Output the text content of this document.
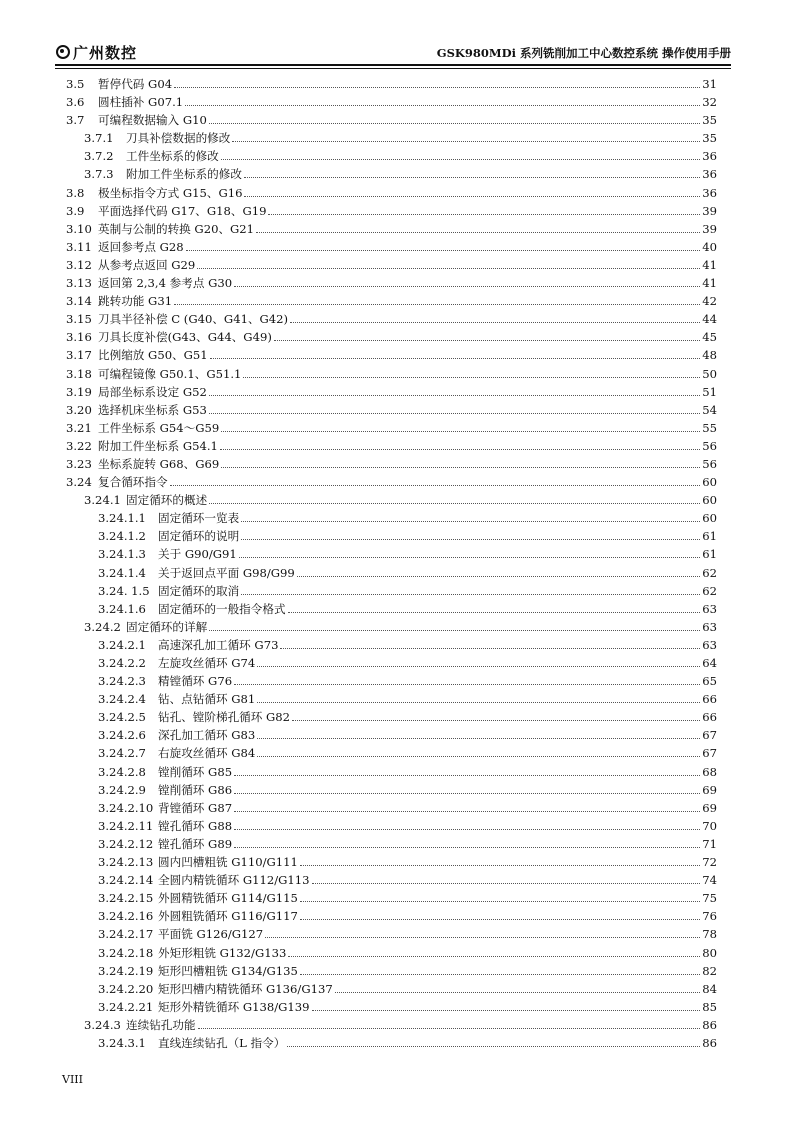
广州数控	GSK980MDi 系列铣削加工中心数控系统 操作使用手册
3.5	暂停代码 G04	31
3.6	圆柱插补 G07.1	32
3.7	可编程数据输入 G10	35
3.7.1	刀具补偿数据的修改	35
3.7.2	工件坐标系的修改	36
3.7.3	附加工件坐标系的修改	36
3.8	极坐标指令方式 G15、G16	36
3.9	平面选择代码 G17、G18、G19	39
3.10 英制与公制的转换 G20、G21	39
3.11 返回参考点 G28	40
3.12 从参考点返回 G29	41
3.13 返回第 2,3,4 参考点 G30	41
3.14 跳转功能 G31	42
3.15 刀具半径补偿 C (G40、G41、G42)	44
3.16 刀具长度补偿(G43、G44、G49)	45
3.17 比例缩放 G50、G51	48
3.18 可编程镜像 G50.1、G51.1	50
3.19 局部坐标系设定 G52	51
3.20 选择机床坐标系 G53	54
3.21 工件坐标系 G54～G59	55
3.22 附加工件坐标系 G54.1	56
3.23 坐标系旋转 G68、G69	56
3.24 复合循环指令	60
3.24.1 固定循环的概述	60
3.24.1.1	固定循环一览表	60
3.24.1.2	固定循环的说明	61
3.24.1.3	关于 G90/G91	61
3.24.1.4	关于返回点平面 G98/G99	62
3.24. 1.5 固定循环的取消	62
3.24.1.6	固定循环的一般指令格式	63
3.24.2 固定循环的详解	63
3.24.2.1	高速深孔加工循环 G73	63
3.24.2.2	左旋攻丝循环 G74	64
3.24.2.3	精镗循环 G76	65
3.24.2.4	钻、点钻循环 G81	66
3.24.2.5	钻孔、镗阶梯孔循环 G82	66
3.24.2.6	深孔加工循环 G83	67
3.24.2.7	右旋攻丝循环 G84	67
3.24.2.8	镗削循环 G85	68
3.24.2.9	镗削循环 G86	69
3.24.2.10 背镗循环 G87	69
3.24.2.11 镗孔循环 G88	70
3.24.2.12 镗孔循环 G89	71
3.24.2.13 圆内凹槽粗铣 G110/G111	72
3.24.2.14 全圆内精铣循环 G112/G113	74
3.24.2.15 外圆精铣循环 G114/G115	75
3.24.2.16 外圆粗铣循环 G116/G117	76
3.24.2.17 平面铣 G126/G127	78
3.24.2.18 外矩形粗铣 G132/G133	80
3.24.2.19 矩形凹槽粗铣 G134/G135	82
3.24.2.20 矩形凹槽内精铣循环 G136/G137	84
3.24.2.21 矩形外精铣循环 G138/G139	85
3.24.3 连续钻孔功能	86
3.24.3.1	直线连续钻孔（L 指令）	86
VIII
